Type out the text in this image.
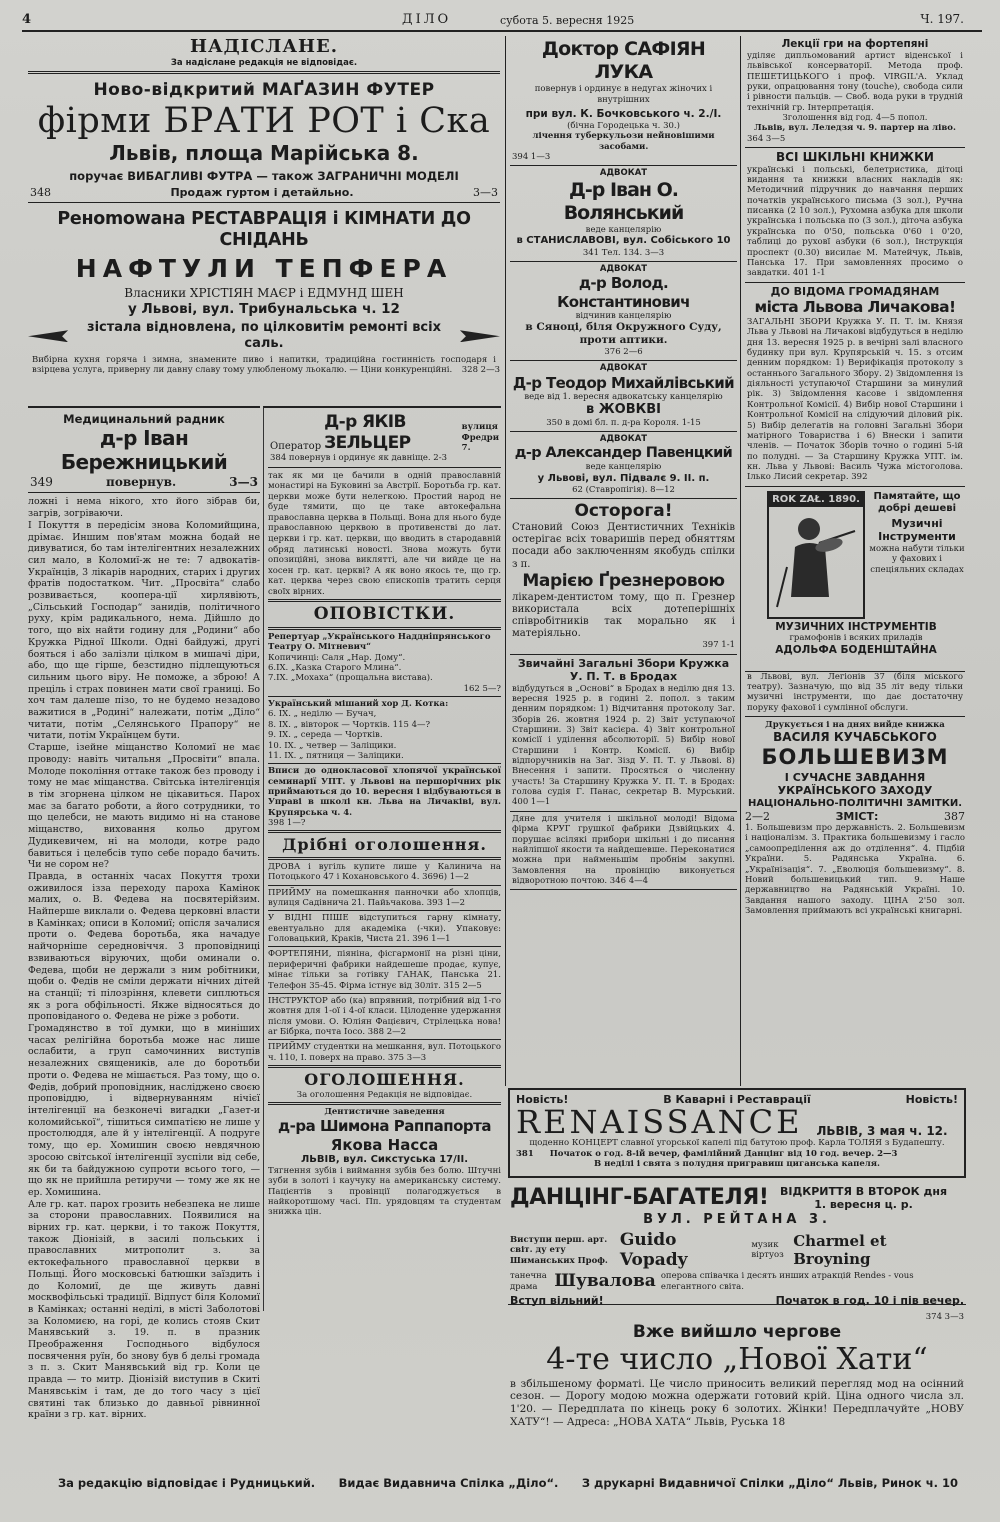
4	ДІЛО	субота 5. вересня 1925	Ч. 197.
НАДІСЛАНЕ.
За надіслане редакція не відповідає.
Ново-відкритий МАҐАЗИН ФУТЕР
фірми БРАТИ РОТ і Ска
Львів, площа Марійська 8.
поручає ВИБАГЛИВІ ФУТРА — також ЗАГРАНИЧНІ МОДЕЛІ
348	Продаж гуртом і детайльно.	3—3
Ренomowана РЕСТАВРАЦІЯ і КІМНАТИ ДО СНІДАНЬ
НАФТУЛИ ТЕПФЕРА
Власники ХРІСТІЯН МАЄР і ЕДМУНД ШЕН
у Львові, вул. Трибунальська ч. 12
зістала відновлена, по цілковитім ремонті всіх саль.
Вибірна кухня горяча і зимна, знамените пиво і напитки, традиційна гостинність господаря і взірцева услуга, приверну ли давну славу тому улюбленому льокалю. — Ціни конкуренційні.	328 2—3
Медицинальний радник
д-р Іван Бережницький
349	повернув.	3—3
ложні і нема нікого, хто його зібрав би, загрів, зогріваючи.
І Покуття в передісім знова Коломийщина, дрімає. Иншим пов'ятам можна бодай не дивуватися, бо там інтелігентних незалежних сил мало, в Коломиї-ж не те: 7 адвокатів-Українців, 3 лікарів народних, старих і других фратів подостатком. Чит. „Просвіта“ слабо розвивається, коопера-ції хирлявіють, „Сільський Господар“ занидів, політичного руху, крім радикального, нема. Дійшло до того, що віх найти годину для „Родини“ або Кружка Рідної Школи. Одні байдужі, другі бояться і або залізли цілком в мишачі діри, або, що ще гірше, безстидно підлещуються сильним цього віру. Не поможе, а зброю! А преціль і страх повинен мати свої границі. Бо хоч там далеше пізо, то не будемо незадово важитися в „Родині“ належати, потім „Діло“ читати, потім „Селянського Прапору“ не читати, потім Українцем бути.
Старше, ізейне міщанство Коломиї не має проводу: навіть читальня „Просвіти“ впала. Молоде покоління оттаке також без проводу і тому не має міщанства. Світська інтелігенція в тім згорнена цілком не цікавиться. Парох має за багато роботи, а його сотрудники, то що целебси, не мають видимо ні на станове міщанство, виховання кольо другом Дудикевичем, ні на молоди, котре радо бавиться і целебсів тупо себе порадо бачить. Чи не сором не?
Правда, в останніх часах Покуття трохи оживилося ізза переходу пароха Камінок малих, о. В. Федева на посвятерійзим. Найперше виклали о. Федева церковні власти в Камінках; описи в Коломиї; опісля зачалися проти о. Федева боротьба, яка начадуе найчорніше середновіччя. 3 проповідниці взвиваються віруючих, щоби оминали о. Федева, щоби не держали з ним робітники, щоби о. Федів не сміли держати нічних дітей на станції; ті пілозріння, клевети сиплються як з рога обфільності. Якже відносяться до проповіданого о. Федева не ріже з роботи.
Громадянство в тої думки, що в миніших часах релігійна боротьба може нас лише ослабити, а груп самочинних виступів незалежних священиків, але до боротьби проти о. Федева не мішається. Раз тому, що о. Федів, добрий проповідник, насліджено своєю проповіддю, і відвернуванням нічієї інтелігенції на безконечі вигадки „Газет-и коломийської“, тішиться симпатією не лише у простолюддя, але й у інтелігенції. А подруге тому, що ep. Хомишин своєю невдячною зросою світської інтелігенції зуспіли від себе, як би та байдужною супроти всього того, — що як не прийшла ретиручи — тому же як не ep. Хомишина.
Але гр. кат. парох грозить небезпека не лише за сторони православних. Появилися на вірних гр. кат. церкви, і то також Покуття, також Діонізій, в засилі польських і православних митрополит з. за ектокефального православної церкви в Польщі. Його московські батюшки заїздить і до Коломиї, де ще живуть давні москвофільські традиції. Відпуст біля Коломиї в Камінках; останні неділі, в місті Заболотові за Коломиєю, на горі, де колись стояв Скит Манявський з. 19. п. в празник Преображення Господнього відбулося посвячення руїн, бо знову був б дельі громада з п. з. Скит Манявський від гр. Коли це правда — то митр. Діонізій виступив в Скиті Манявськім і там, де до того часу з цієї святині так близько до давньої рівнинної країни з гр. кат. вірних.
Оператор
Д-р ЯКІВ ЗЕЛЬЦЕР
вулиця Фредри 7.
384 повернув і ординує як давніще. 2-3
так як ми це бачили в одній православній монастирі на Буковині за Австрії. Боротьба гр. кат. церкви може бути нелегкою. Простий народ не буде тямити, що це таке автокефальна православна церква в Польщі. Вона для нього буде православною церквою в противенстві до лат. церкви і гр. кат. церкви, що вводить в стародавній обряд латинські новості. Знова можуть бути опозиційні, знова виклятті, але чи вийде це на хосен гр. кат. церкві? А як воно якось те, що гр. кат. церква через свою єпископів тратить серця своїх вірних.
ОПОВІСТКИ.
Репертуар „Українського Надднiпрянського Театру О. Мітневич“
Копичинці: Саля „Нар. Дому“.
6.IX. „Казка Старого Млина“.
7.IX. „Мохаха“ (прощальна вистава).
162 5—?
Український мішаний хор Д. Котка:
6. IX. „ неділю — Бучач,
8. IX. „ вівторок — Чортків. 115 4—?
9. IX. „ середа — Чортків.
10. IX. „ четвер — Заліщики.
11. IX. „ пятниця — Заліщики.
Вписи до однокласової хлопячої української семинарії УПТ. у Львові на першорічних рік приймаються до 10. вересня і відбуваються в Управі в школі кн. Льва на Личаківі, вул. Крупярська ч. 4.
398 1—?
Дрібні оголошення.
ДРОВА і вугіль купите лише у Калинича на Потоцького 47 і Кохановського 4. 3696) 1—2
ПРИЙМУ на помешкання панночки або хлопців, вулиця Садівнича 21. Пайьчакова. 393 1—2
У ВІДНІ ПІШЕ відступиться гарну кімнату, евентуально для академіка (-чки). Упаковує: Головацький, Краків, Чиста 21. 396 1—1
ФОРТЕПЯНИ, піяніна, фісгармонії на різні ціни, периферичні фабрики найдешеше продає, купує, мінає тільки за готівку ГАНАК, Панська 21. Телефон 35-45. Фірма істнує від 30літ. 315 2—5
ІНСТРУКТОР або (ка) впрявний, потрібний від 1-го жовтня для 1-ої і 4-ої класи. Цілоденне удержання після умови. О. Юліян Фацієвич, Стрілецька нова! аr Бібрка, почта Іосо. 388 2—2
ПРИЙМУ студентки на мешкання, вул. Потоцького ч. 110, І. поверх на право. 375 3—3
ОГОЛОШЕННЯ.
За оголошення Редакція не відповідає.
Дентистичне заведення
д-ра Шимона Раппапорта
Якова Насса
ЛЬВІВ, вул. Сикстуська 17/ІІ.
Тягнення зубів і виймання зубів без болю. Штучні зуби в золоті і каучуку на американську систему. Пацієнтів з провінції полагоджується в найкоротшому часі. Пп. урядовцям та студентам знижка цін.
Доктор САФІЯН ЛУКА
повернув і ординує в недугах жіночих і внутрішних
при вул. К. Бочковського ч. 2./І.
(бічна Городецька ч. 30.)
лічення туберкульози нейновішими засобами.
394 1—3
АДВОКАТ
Д-р Іван О. Волянський
веде канцелярію
в СТАНИСЛАВОВІ, вул. Собіського 10
341 Тел. 134. 3—3
АДВОКАТ
д-р Волод. Константинович
відчинив канцелярію
в Сяноці, біля Окружного Суду, проти аптики.
376 2—6
АДВОКАТ
Д-р Теодор Михайлівський
веде від 1. вересня адвокатську канцелярію
в ЖОВКВІ
350 в домі бл. п. д-ра Короля. 1-15
АДВОКАТ
д-р Александер Павенцкий
веде канцелярію
у Львові, вул. Підвалє 9. ІІ. п.
62 (Ставропігія). 8—12
Осторога!
Становий Союз Дентистичних Техніків остерігає всіх товаришів перед обняттям посади або заключенням якобудь спілки з п.
Марією Ґрезнеровою
лікарем-дентистом тому, що п. Грезнер використала всіх дотеперішніх співробітників так морально як і матеріяльно.
397 1-1
Звичайні Загальні Збори Кружка У. П. Т. в Бродах
відбудуться в „Основі“ в Бродах в неділю дня 13. вересня 1925 р. в годині 2. попол. з таким денним порядком: 1) Відчитання протоколу Заг. Зборів 26. жовтня 1924 р. 2) Звіт уступаючої Старшини. 3) Звіт касієра. 4) Звіт контрольної комісії і уділення абсолюторії. 5) Вибір нової Старшини і Контр. Комісії. 6) Вибір відпоручників на Заг. Зізд У. П. Т. у Львові. 8) Внесення і запити. Просяться о численну участь! За Старшину Кружка У. П. Т. в Бродах: голова судія Г. Панас, секретар В. Мурський. 400 1—1
Дяне для учителя і шкільної молоді! Відома фірма КРУГ грушкої фабрики Дзвiйцьких 4. порушає всілякі прибори шкільні і до писання найлiпшої якости та найдешевше. Переконатися можна при найменьшім пробнім закупні. Замовлення на провінцію виконується відворотною почтою. 346 4—4
Лекції гри на фортепяні
уділяє дипльомований артист віденської і львівської консерваторії. Метода проф. ПЕШЕТИЦЬКОГО і проф. VIRGIL'A. Уклад руки, опрацювання тону (touche), свобода сили і рівности пальців. — Своб. вода руки в трудній технічній гр. Інтерпретація.
Зголошення від год. 4—5 попол.
Львів, вул. Леледзя ч. 9. партер на ліво.
364 3—5
ВСІ ШКІЛЬНІ КНИЖКИ
українські і польські, белетристика, дітоці видання та книжки власних накладів як: Методичний підручник до навчання перших початків українського письма (3 зол.), Ручна писанка (2 10 зол.), Рухомна азбука для школи українська і польська по (3 зол.), діточа азбука українська по 0'50, польська 0'60 і 0'20, таблиці до руховї азбуки (6 зол.), Інструкція проспект (0.30) висилає М. Матейчук, Львів, Панська 17. При замовленнях просимо о завдатки. 401 1-1
ДО ВІДОМА ГРОМАДЯНАМ
міста Львова Личакова!
ЗАГАЛЬНІ ЗБОРИ Кружка У. П. Т. ім. Князя Льва у Львові на Личакові відбудуться в неділю дня 13. вересня 1925 р. в вечірні залі власного будинку при вул. Крупярській ч. 15. з отсим денним порядком: 1) Верифікація протоколу з останнього Загального Збору. 2) Звідомлення із діяльності уступаючої Старшини за минулий рік. 3) Звідомлення касове і звідомлення Контрольної Комісії. 4) Вибір нової Старшини і Контрольної Комісії на слідуючий діловий рік. 5) Вибір делегатів на головні Загальні Збори матірного Товариства і 6) Внески і запити членів. — Початок Зборів точно о годині 5-ій по полудні. — За Старшину Кружка УПТ. ім. кн. Льва у Львові: Василь Чужа містоголова. Ілько Лисий секретар. 392
ROK ZAŁ. 1890.	Памятайте, що добрі дешеві
Музичні Інструменти
можна набути тільки у фахових і спеціяльних складах
МУЗИЧНИХ ІНСТРУМЕНТІВ
грамофонів і всяких приладів
АДОЛЬФА БОДЕНШТАЙНА
в Львові, вул. Легіонів 37 (біля міського театру). Зазначую, що від 35 літ веду тільки музичні інструменти, що дає достаточну поруку фахової і сумлінної обслуги.
Друкується і на днях вийде книжка
ВАСИЛЯ КУЧАБСЬКОГО
БОЛЬШЕВИЗМ
І СУЧАСНЕ ЗАВДАННЯ УКРАЇНСЬКОГО ЗАХОДУ
НАЦІОНАЛЬНО-ПОЛІТИЧНІ ЗАМІТКИ.
2—2	ЗМІСТ:	387
1. Большевизм про державність. 2. Большевизм і націоналізм. 3. Практика большевизму і гасло „самоопреділення аж до отділення“. 4. Підбій України. 5. Радянська Україна. 6. „Українізація“. 7. „Еволюція большевизму“. 8. Новий большевицький тип. 9. Наше державництво на Радянській Україні. 10. Завдання нашого заходу. ЦІНА 2'50 зол. Замовлення приймають всі українські книгарні.
Новість!	В Каварні і Реставрації	Новість!
RENAISSANCE ЛЬВІВ, 3 мая ч. 12.
щоденно КОНЦЕРТ славної угорської капелі під батутою проф. Карла ТОЛЯЯ з Будапешту.
381 Початок о год. 8-ій вечер, фамілійний Данцінг від 10 год. вечер. 2—3
В неділі і свята з полудня пригравиш циганська капеля.
ДАНЦІНГ-БАГАТЕЛЯ! ВІДКРИТТЯ В ВТОРОК дня 1. вересня ц. р.
ВУЛ. РЕЙТАНА 3.
Виступи перш. арт. світ. ду ету Шиманських Проф.
Guido Vopady
музик віртуоз
Charmel et Broyning
танечна драма Шувалова оперова співачка і десять инших атракцій Rendes - vous елегантного світа.
Вступ вільний!	Початок в год. 10 і пів вечер.
374 3—3
Вже вийшло чергове
4-те число „Нової Хати“
в збільшеному форматі. Це число приносить великий перегляд мод на осінний сезон. — Дорогу модою можна одержати готовий крій. Ціна одного числа зл. 1'20. — Передплата по кінець року 6 золотих. Жінки! Передплачуйте „НОВУ ХАТУ“! — Адреса: „НОВА ХАТА“ Львів, Руська 18
За редакцію відповідає і Рудницький. Видає Видавнича Спілка „Діло“. З друкарні Видавничої Спілки „Діло“ Львів, Ринок ч. 10
